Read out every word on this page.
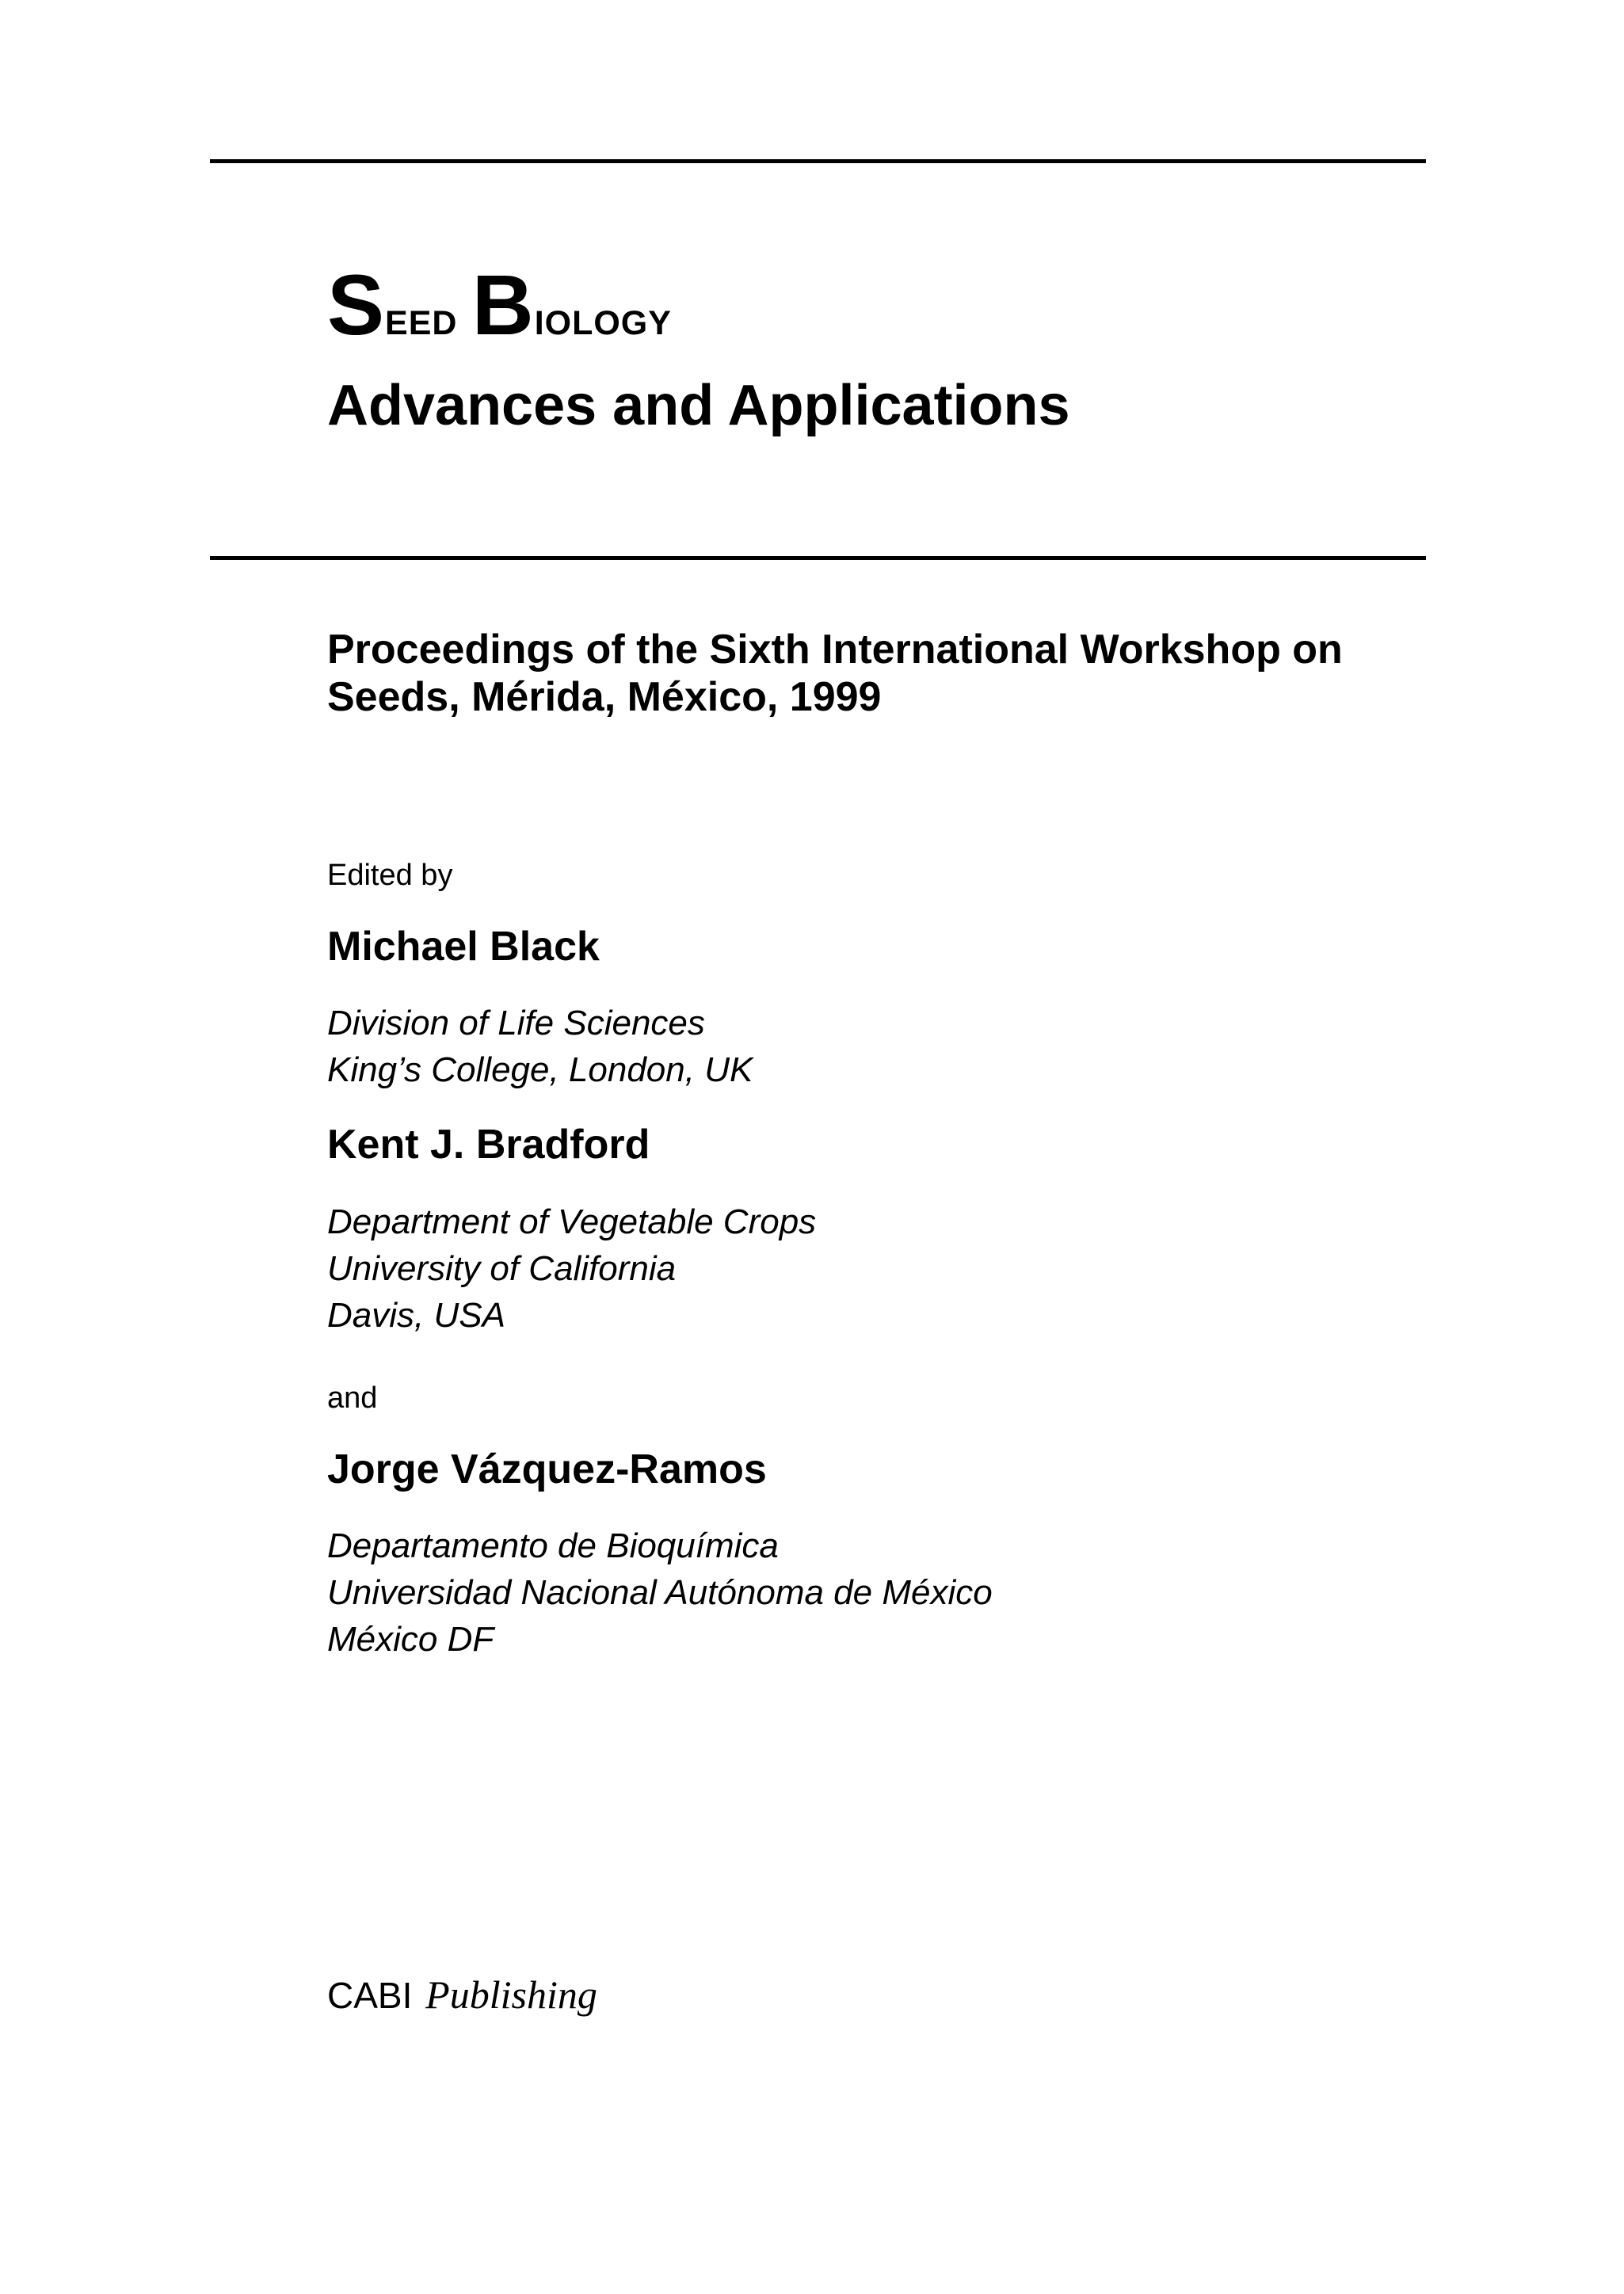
Seed Biology
Advances and Applications
Proceedings of the Sixth International Workshop on
Seeds, Mérida, México, 1999
Edited by
Michael Black
Division of Life Sciences
King’s College, London, UK
Kent J. Bradford
Department of Vegetable Crops
University of California
Davis, USA
and
Jorge Vázquez-Ramos
Departamento de Bioquímica
Universidad Nacional Autónoma de México
México DF
CABI Publishing
